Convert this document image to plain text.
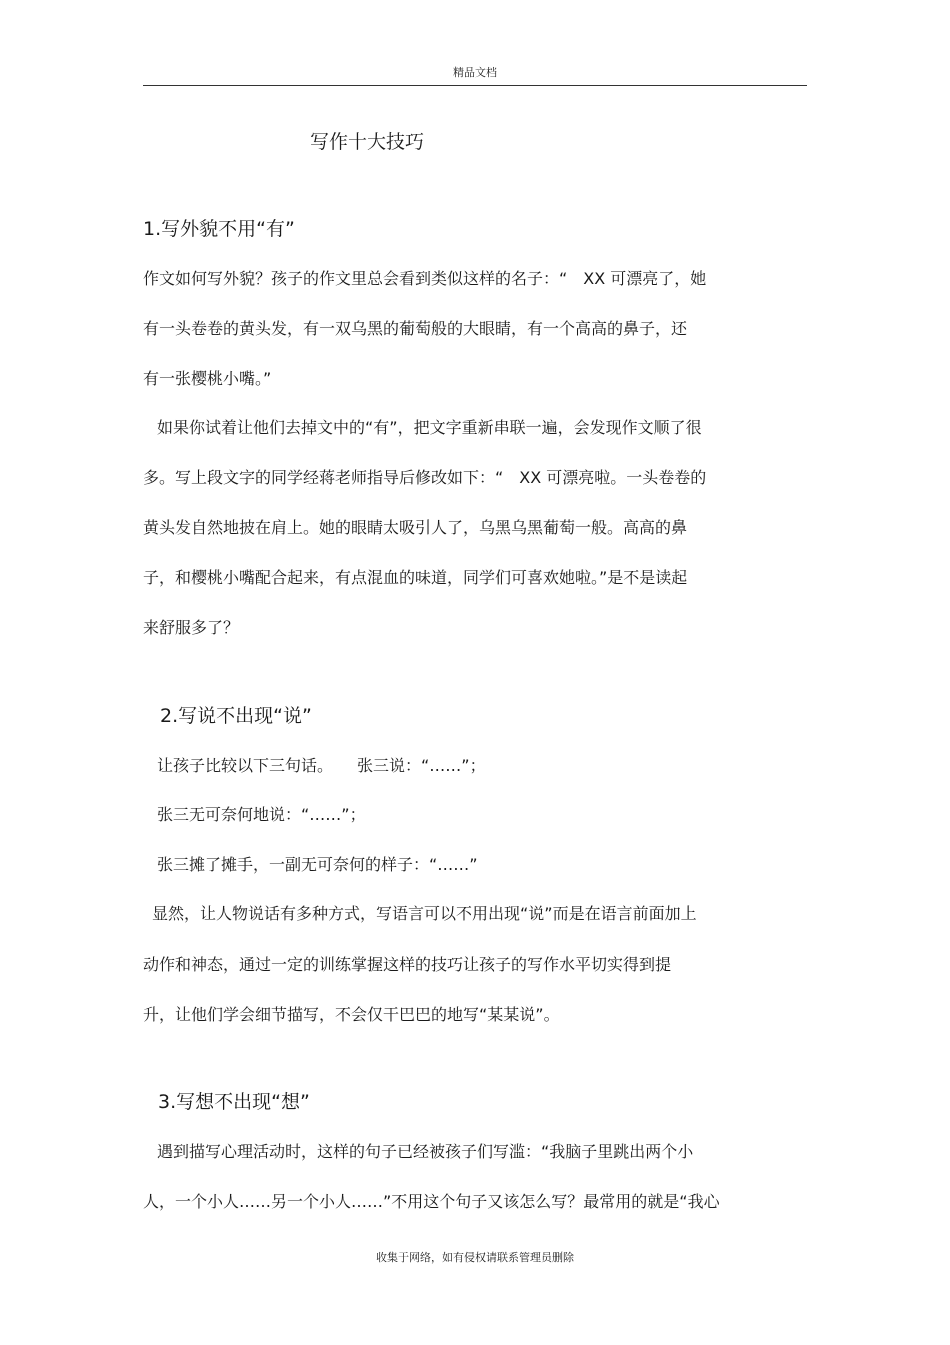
精品文档
写作十大技巧
1.写外貌不用“有”
作文如何写外貌？孩子的作文里总会看到类似这样的名子：“　XX 可漂亮了，她
有一头卷卷的黄头发，有一双乌黑的葡萄般的大眼睛，有一个高高的鼻子，还
有一张樱桃小嘴。”
如果你试着让他们去掉文中的“有”，把文字重新串联一遍，会发现作文顺了很
多。写上段文字的同学经蒋老师指导后修改如下：“　XX 可漂亮啦。一头卷卷的
黄头发自然地披在肩上。她的眼睛太吸引人了，乌黑乌黑葡萄一般。高高的鼻
子，和樱桃小嘴配合起来，有点混血的味道，同学们可喜欢她啦。”是不是读起
来舒服多了？
2.写说不出现“说”
让孩子比较以下三句话。　　张三说：“……”；
张三无可奈何地说：“……”；
张三摊了摊手，一副无可奈何的样子：“……”
显然，让人物说话有多种方式，写语言可以不用出现“说”而是在语言前面加上
动作和神态，通过一定的训练掌握这样的技巧让孩子的写作水平切实得到提
升，让他们学会细节描写，不会仅干巴巴的地写“某某说”。
3.写想不出现“想”
遇到描写心理活动时，这样的句子已经被孩子们写滥：“我脑子里跳出两个小
人，一个小人……另一个小人……”不用这个句子又该怎么写？最常用的就是“我心
收集于网络，如有侵权请联系管理员删除
